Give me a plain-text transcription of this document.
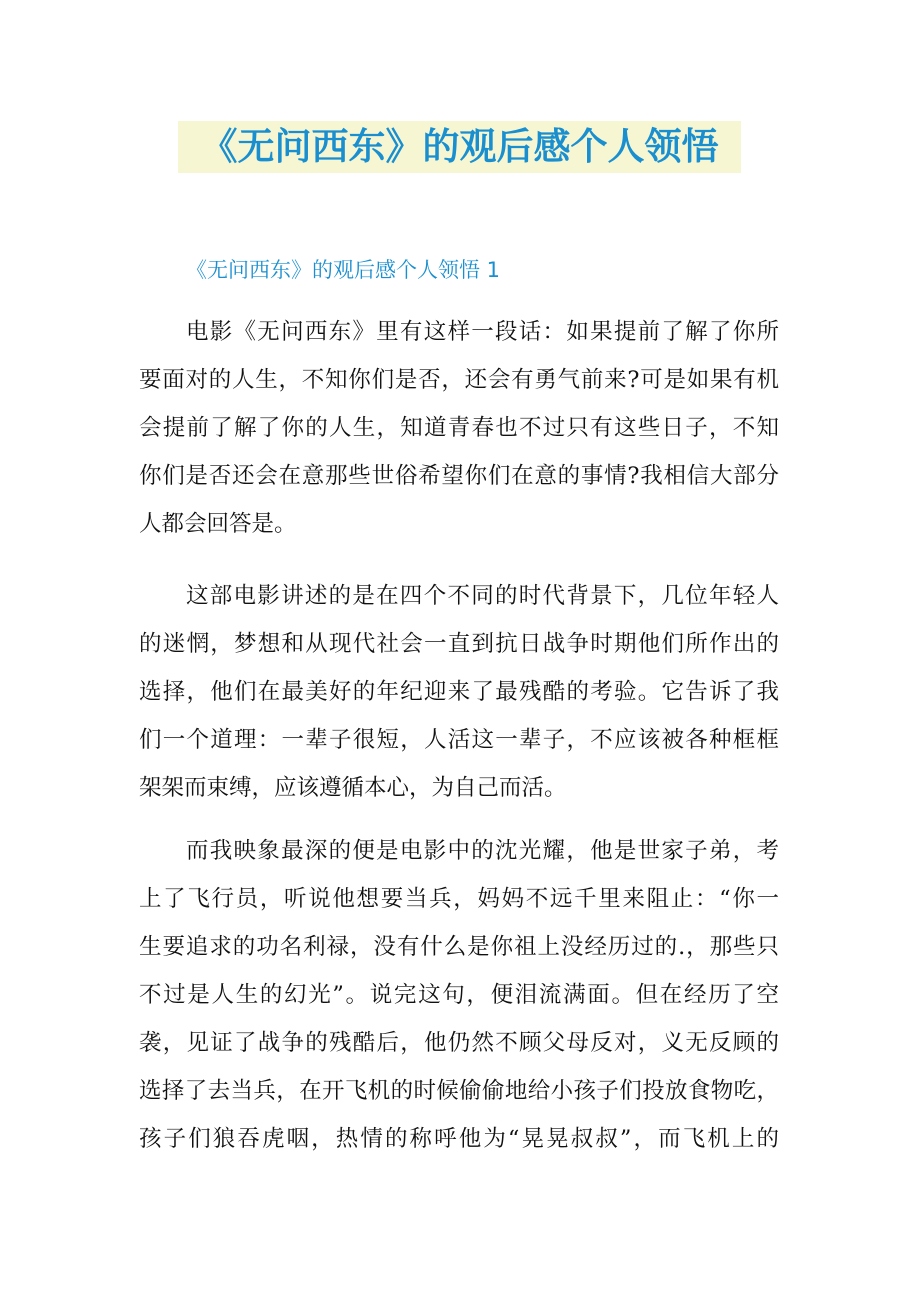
《无问西东》的观后感个人领悟
《无问西东》的观后感个人领悟 1
电影《无问西东》里有这样一段话：如果提前了解了你所
要面对的人生，不知你们是否，还会有勇气前来?可是如果有机
会提前了解了你的人生，知道青春也不过只有这些日子，不知
你们是否还会在意那些世俗希望你们在意的事情?我相信大部分
人都会回答是。
这部电影讲述的是在四个不同的时代背景下，几位年轻人
的迷惘，梦想和从现代社会一直到抗日战争时期他们所作出的
选择，他们在最美好的年纪迎来了最残酷的考验。它告诉了我
们一个道理：一辈子很短，人活这一辈子，不应该被各种框框
架架而束缚，应该遵循本心，为自己而活。
而我映象最深的便是电影中的沈光耀，他是世家子弟，考
上了飞行员，听说他想要当兵，妈妈不远千里来阻止：“你一
生要追求的功名利禄，没有什么是你祖上没经历过的.，那些只
不过是人生的幻光”。说完这句，便泪流满面。但在经历了空
袭，见证了战争的残酷后，他仍然不顾父母反对，义无反顾的
选择了去当兵，在开飞机的时候偷偷地给小孩子们投放食物吃，
孩子们狼吞虎咽，热情的称呼他为“晃晃叔叔”，而飞机上的
